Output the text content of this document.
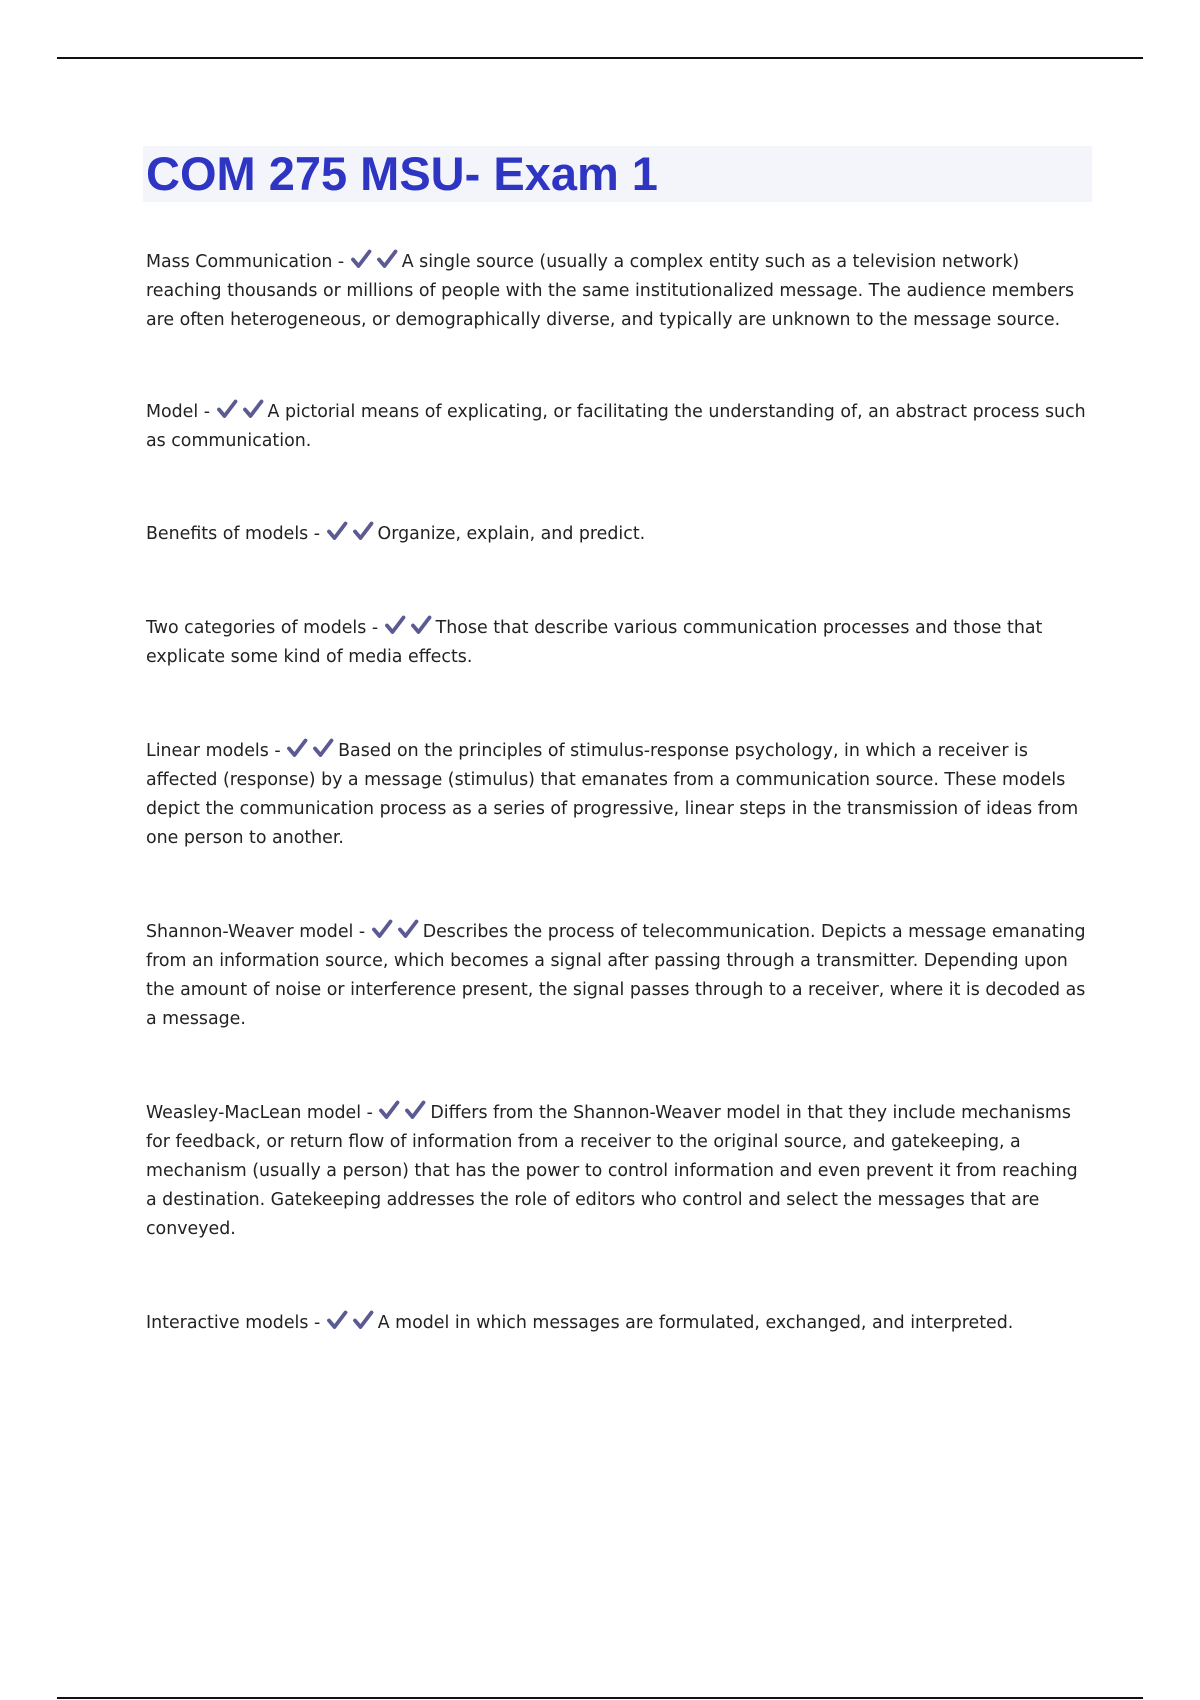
COM 275 MSU- Exam 1

Mass Communication -	A single source (usually a complex entity such as a television network) reaching thousands or millions of people with the same institutionalized message. The audience members are often heterogeneous, or demographically diverse, and typically are unknown to the message source.

Model -	A pictorial means of explicating, or facilitating the understanding of, an abstract process such as communication.

Benefits of models -	Organize, explain, and predict.

Two categories of models -	Those that describe various communication processes and those that explicate some kind of media effects.

Linear models -	Based on the principles of stimulus-response psychology, in which a receiver is affected (response) by a message (stimulus) that emanates from a communication source. These models depict the communication process as a series of progressive, linear steps in the transmission of ideas from one person to another.

Shannon-Weaver model -	Describes the process of telecommunication. Depicts a message emanating from an information source, which becomes a signal after passing through a transmitter. Depending upon the amount of noise or interference present, the signal passes through to a receiver, where it is decoded as a message.

Weasley-MacLean model -	Differs from the Shannon-Weaver model in that they include mechanisms for feedback, or return flow of information from a receiver to the original source, and gatekeeping, a mechanism (usually a person) that has the power to control information and even prevent it from reaching a destination. Gatekeeping addresses the role of editors who control and select the messages that are conveyed.

Interactive models -	A model in which messages are formulated, exchanged, and interpreted.
